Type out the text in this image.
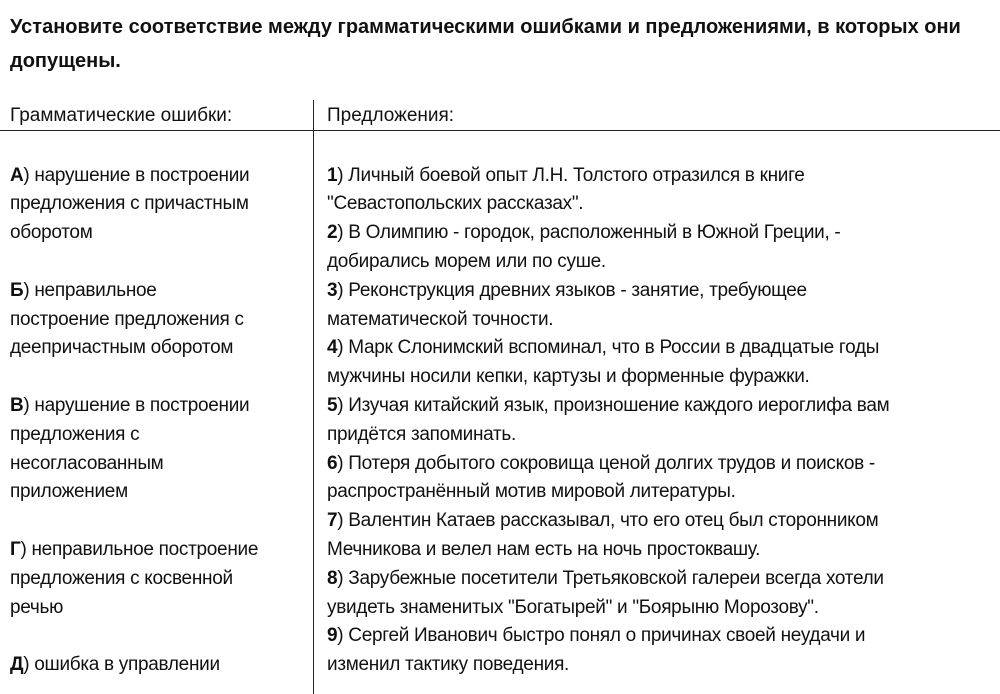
Установите соответствие между грамматическими ошибками и предложениями, в которых они допущены.
Грамматические ошибки:	Предложения:
А) нарушение в построении
предложения с причастным
оборотом
Б) неправильное
построение предложения с
деепричастным оборотом
В) нарушение в построении
предложения с
несогласованным
приложением
Г) неправильное построение
предложения с косвенной
речью
Д) ошибка в управлении
1) Личный боевой опыт Л.Н. Толстого отразился в книге
"Севастопольских рассказах".
2) В Олимпию - городок, расположенный в Южной Греции, -
добирались морем или по суше.
3) Реконструкция древних языков - занятие, требующее
математической точности.
4) Марк Слонимский вспоминал, что в России в двадцатые годы
мужчины носили кепки, картузы и форменные фуражки.
5) Изучая китайский язык, произношение каждого иероглифа вам
придётся запоминать.
6) Потеря добытого сокровища ценой долгих трудов и поисков -
распространённый мотив мировой литературы.
7) Валентин Катаев рассказывал, что его отец был сторонником
Мечникова и велел нам есть на ночь простоквашу.
8) Зарубежные посетители Третьяковской галереи всегда хотели
увидеть знаменитых "Богатырей" и "Боярыню Морозову".
9) Сергей Иванович быстро понял о причинах своей неудачи и
изменил тактику поведения.
